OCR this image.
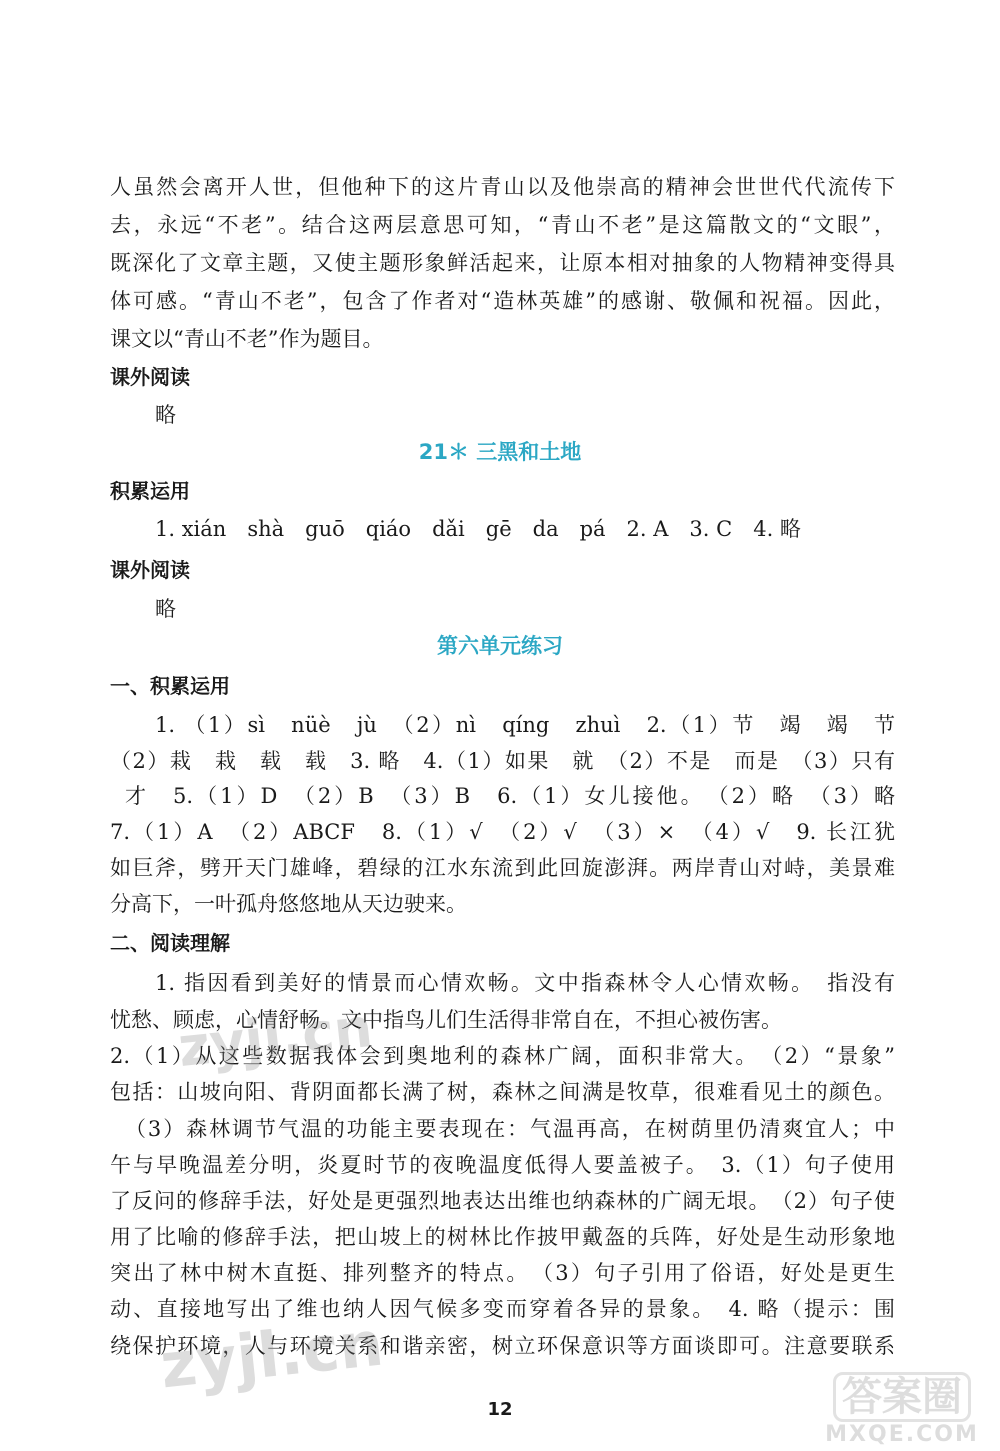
人虽然会离开人世，但他种下的这片青山以及他崇高的精神会世世代代流传下
去，永远“不老”。结合这两层意思可知，“青山不老”是这篇散文的“文眼”，
既深化了文章主题，又使主题形象鲜活起来，让原本相对抽象的人物精神变得具
体可感。“青山不老”，包含了作者对“造林英雄”的感谢、敬佩和祝福。因此，
课文以“青山不老”作为题目。
课外阅读
略
21＊ 三黑和土地
积累运用
1. xián　shà　guō　qiáo　dǎi　gē　da　pá　2. A　3. C　4. 略
课外阅读
略
第六单元练习
一、积累运用
1. （1）sì　nüè　jù　（2）nì　qíng　zhuì　2.（1）节　竭　竭　节
（2）栽　栽　载　载　3. 略　4.（1）如果　就　（2）不是　而是　（3）只有
才　5.（1）D　（2）B　（3）B　6.（1）女儿接他。　（2）略　（3）略
7.（1）A　（2）ABCF　8.（1）√　（2）√　（3）×　（4）√　9. 长江犹
如巨斧，劈开天门雄峰，碧绿的江水东流到此回旋澎湃。两岸青山对峙，美景难
分高下，一叶孤舟悠悠地从天边驶来。
二、阅读理解
1. 指因看到美好的情景而心情欢畅。文中指森林令人心情欢畅。　指没有
忧愁、顾虑，心情舒畅。文中指鸟儿们生活得非常自在，不担心被伤害。
2.（1）从这些数据我体会到奥地利的森林广阔，面积非常大。　（2）“景象”
包括：山坡向阳、背阴面都长满了树，森林之间满是牧草，很难看见土的颜色。
（3）森林调节气温的功能主要表现在：气温再高，在树荫里仍清爽宜人；中
午与早晚温差分明，炎夏时节的夜晚温度低得人要盖被子。　3.（1）句子使用
了反问的修辞手法，好处是更强烈地表达出维也纳森林的广阔无垠。　（2）句子使
用了比喻的修辞手法，把山坡上的树林比作披甲戴盔的兵阵，好处是生动形象地
突出了林中树木直挺、排列整齐的特点。　（3）句子引用了俗语，好处是更生
动、直接地写出了维也纳人因气候多变而穿着各异的景象。　4. 略（提示：围
绕保护环境，人与环境关系和谐亲密，树立环保意识等方面谈即可。注意要联系
12
zyjl.cn
zyjl.cn	答案圈
MXQE.COM
